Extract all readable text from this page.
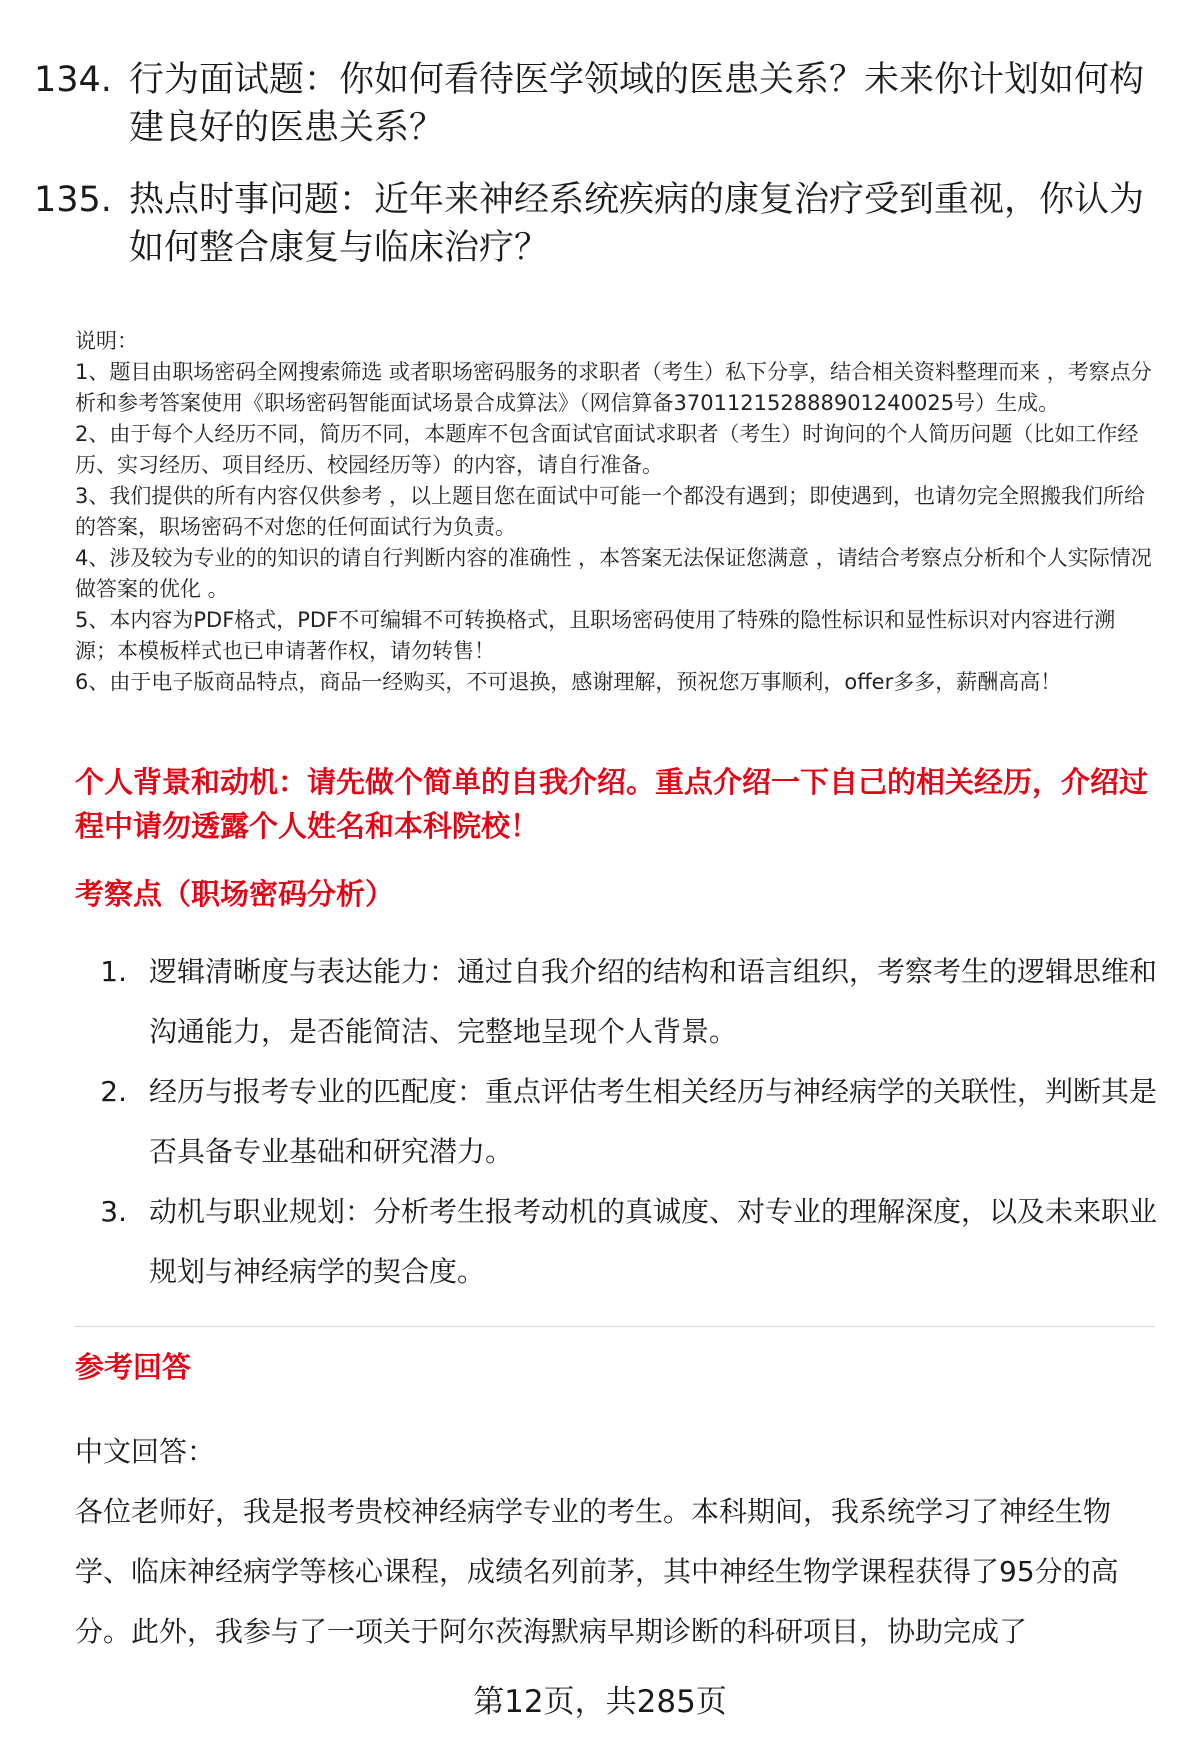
134. 行为面试题：你如何看待医学领域的医患关系？未来你计划如何构建良好的医患关系？
135. 热点时事问题：近年来神经系统疾病的康复治疗受到重视，你认为如何整合康复与临床治疗？
说明：
1、题目由职场密码全网搜索筛选 或者职场密码服务的求职者（考生）私下分享，结合相关资料整理而来 ，考察点分析和参考答案使用《职场密码智能面试场景合成算法》（网信算备370112152888901240025号）生成。
2、由于每个人经历不同，简历不同，本题库不包含面试官面试求职者（考生）时询问的个人简历问题（比如工作经历、实习经历、项目经历、校园经历等）的内容，请自行准备。
3、我们提供的所有内容仅供参考 ，以上题目您在面试中可能一个都没有遇到；即使遇到，也请勿完全照搬我们所给的答案，职场密码不对您的任何面试行为负责。
4、涉及较为专业的的知识的请自行判断内容的准确性 ，本答案无法保证您满意 ，请结合考察点分析和个人实际情况做答案的优化 。
5、本内容为PDF格式，PDF不可编辑不可转换格式，且职场密码使用了特殊的隐性标识和显性标识对内容进行溯源；本模板样式也已申请著作权，请勿转售！
6、由于电子版商品特点，商品一经购买，不可退换，感谢理解，预祝您万事顺利，offer多多，薪酬高高！
个人背景和动机：请先做个简单的自我介绍。重点介绍一下自己的相关经历，介绍过程中请勿透露个人姓名和本科院校！
考察点（职场密码分析）
1. 逻辑清晰度与表达能力：通过自我介绍的结构和语言组织，考察考生的逻辑思维和沟通能力，是否能简洁、完整地呈现个人背景。
2. 经历与报考专业的匹配度：重点评估考生相关经历与神经病学的关联性，判断其是否具备专业基础和研究潜力。
3. 动机与职业规划：分析考生报考动机的真诚度、对专业的理解深度，以及未来职业规划与神经病学的契合度。
参考回答
中文回答：
各位老师好，我是报考贵校神经病学专业的考生。本科期间，我系统学习了神经生物学、临床神经病学等核心课程，成绩名列前茅，其中神经生物学课程获得了95分的高分。此外，我参与了一项关于阿尔茨海默病早期诊断的科研项目，协助完成了
第12页，共285页
